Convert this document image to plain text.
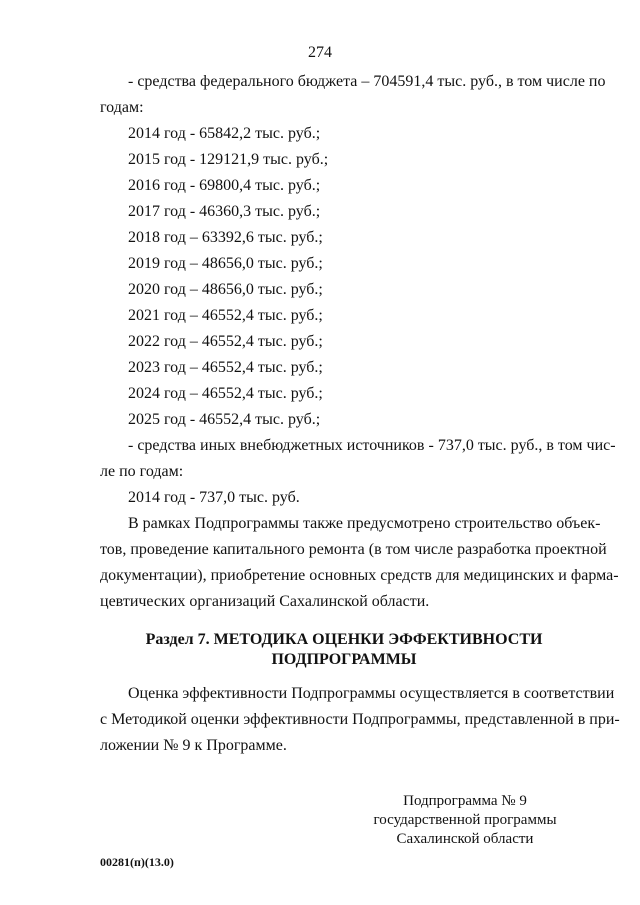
274
- средства федерального бюджета – 704591,4 тыс. руб., в том числе по
годам:
2014 год - 65842,2 тыс. руб.;
2015 год - 129121,9 тыс. руб.;
2016 год - 69800,4 тыс. руб.;
2017 год - 46360,3 тыс. руб.;
2018 год – 63392,6 тыс. руб.;
2019 год – 48656,0 тыс. руб.;
2020 год – 48656,0 тыс. руб.;
2021 год – 46552,4 тыс. руб.;
2022 год – 46552,4 тыс. руб.;
2023 год – 46552,4 тыс. руб.;
2024 год – 46552,4 тыс. руб.;
2025 год - 46552,4 тыс. руб.;
- средства иных внебюджетных источников - 737,0 тыс. руб., в том чис-
ле по годам:
2014 год - 737,0 тыс. руб.
В рамках Подпрограммы также предусмотрено строительство объек-
тов, проведение капитального ремонта (в том числе разработка проектной
документации), приобретение основных средств для медицинских и фарма-
цевтических организаций Сахалинской области.
Раздел 7. МЕТОДИКА ОЦЕНКИ ЭФФЕКТИВНОСТИ
ПОДПРОГРАММЫ
Оценка эффективности Подпрограммы осуществляется в соответствии
с Методикой оценки эффективности Подпрограммы, представленной в при-
ложении № 9 к Программе.
Подпрограмма № 9
государственной программы
Сахалинской области
00281(п)(13.0)
